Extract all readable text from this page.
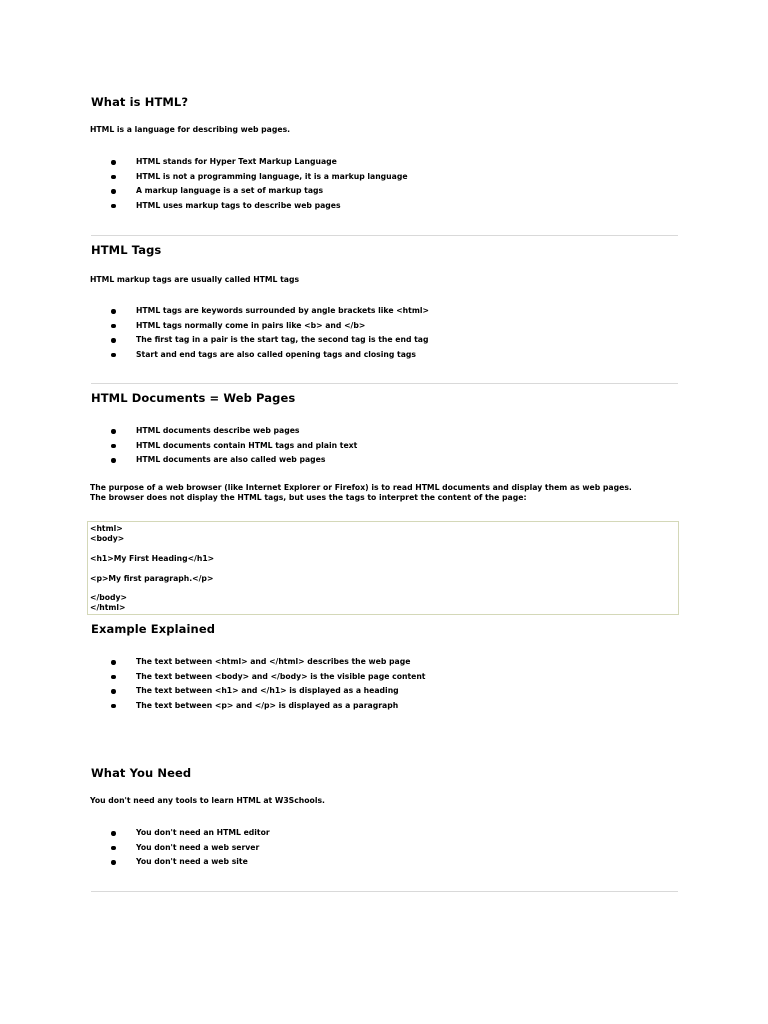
What is HTML?

HTML is a language for describing web pages.

HTML stands for Hyper Text Markup Language
HTML is not a programming language, it is a markup language
A markup language is a set of markup tags
HTML uses markup tags to describe web pages
HTML Tags

HTML markup tags are usually called HTML tags

HTML tags are keywords surrounded by angle brackets like <html>
HTML tags normally come in pairs like <b> and </b>
The first tag in a pair is the start tag, the second tag is the end tag
Start and end tags are also called opening tags and closing tags
HTML Documents = Web Pages
HTML documents describe web pages
HTML documents contain HTML tags and plain text
HTML documents are also called web pages

The purpose of a web browser (like Internet Explorer or Firefox) is to read HTML documents and display them as web pages.

The browser does not display the HTML tags, but uses the tags to interpret the content of the page:

<html>

<body>

<h1>My First Heading</h1>

<p>My first paragraph.</p>

</body>

</html>

Example Explained
The text between <html> and </html> describes the web page
The text between <body> and </body> is the visible page content
The text between <h1> and </h1> is displayed as a heading
The text between <p> and </p> is displayed as a paragraph
What You Need

You don't need any tools to learn HTML at W3Schools.

You don't need an HTML editor
You don't need a web server
You don't need a web site
